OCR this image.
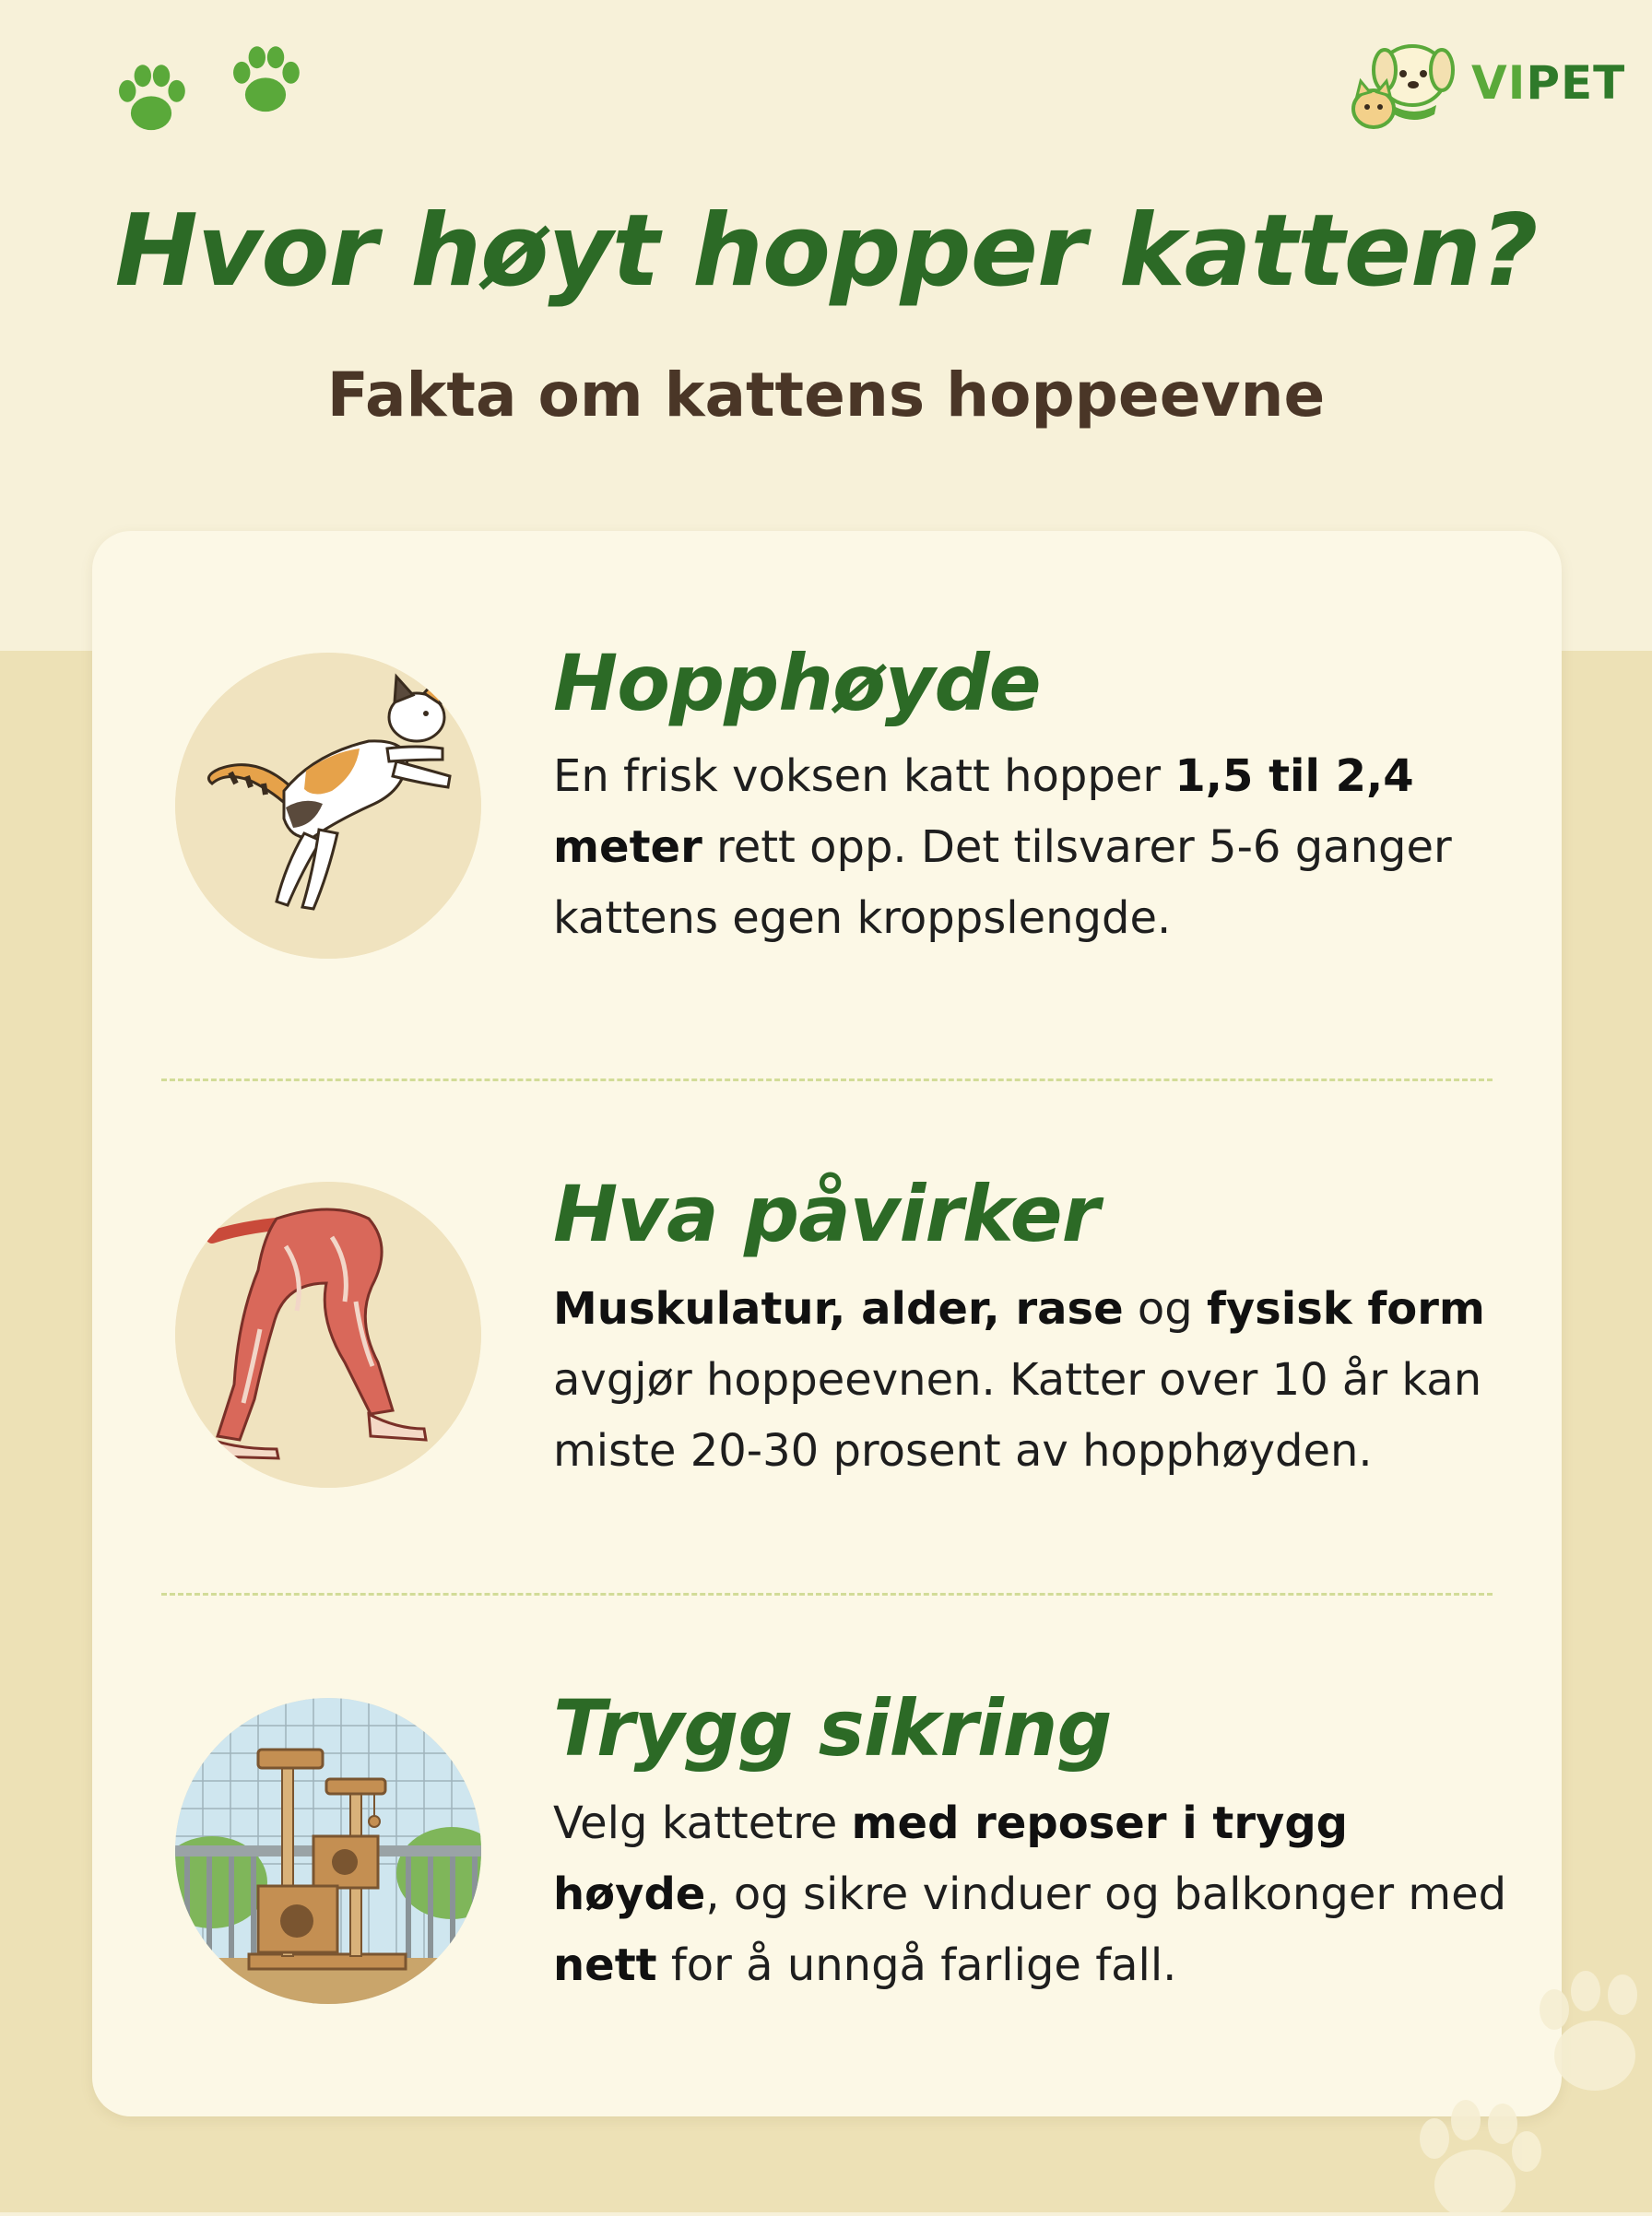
VIPET
Hvor høyt hopper katten?
Fakta om kattens hoppeevne
Hopphøyde

En frisk voksen katt hopper 1,5 til 2,4 meter rett opp. Det tilsvarer 5-6 ganger kattens egen kroppslengde.

Hva påvirker

Muskulatur, alder, rase og fysisk form avgjør hoppeevnen. Katter over 10 år kan miste 20-30 prosent av hopphøyden.

Trygg sikring

Velg kattetre med reposer i trygg høyde, og sikre vinduer og balkonger med nett for å unngå farlige fall.
